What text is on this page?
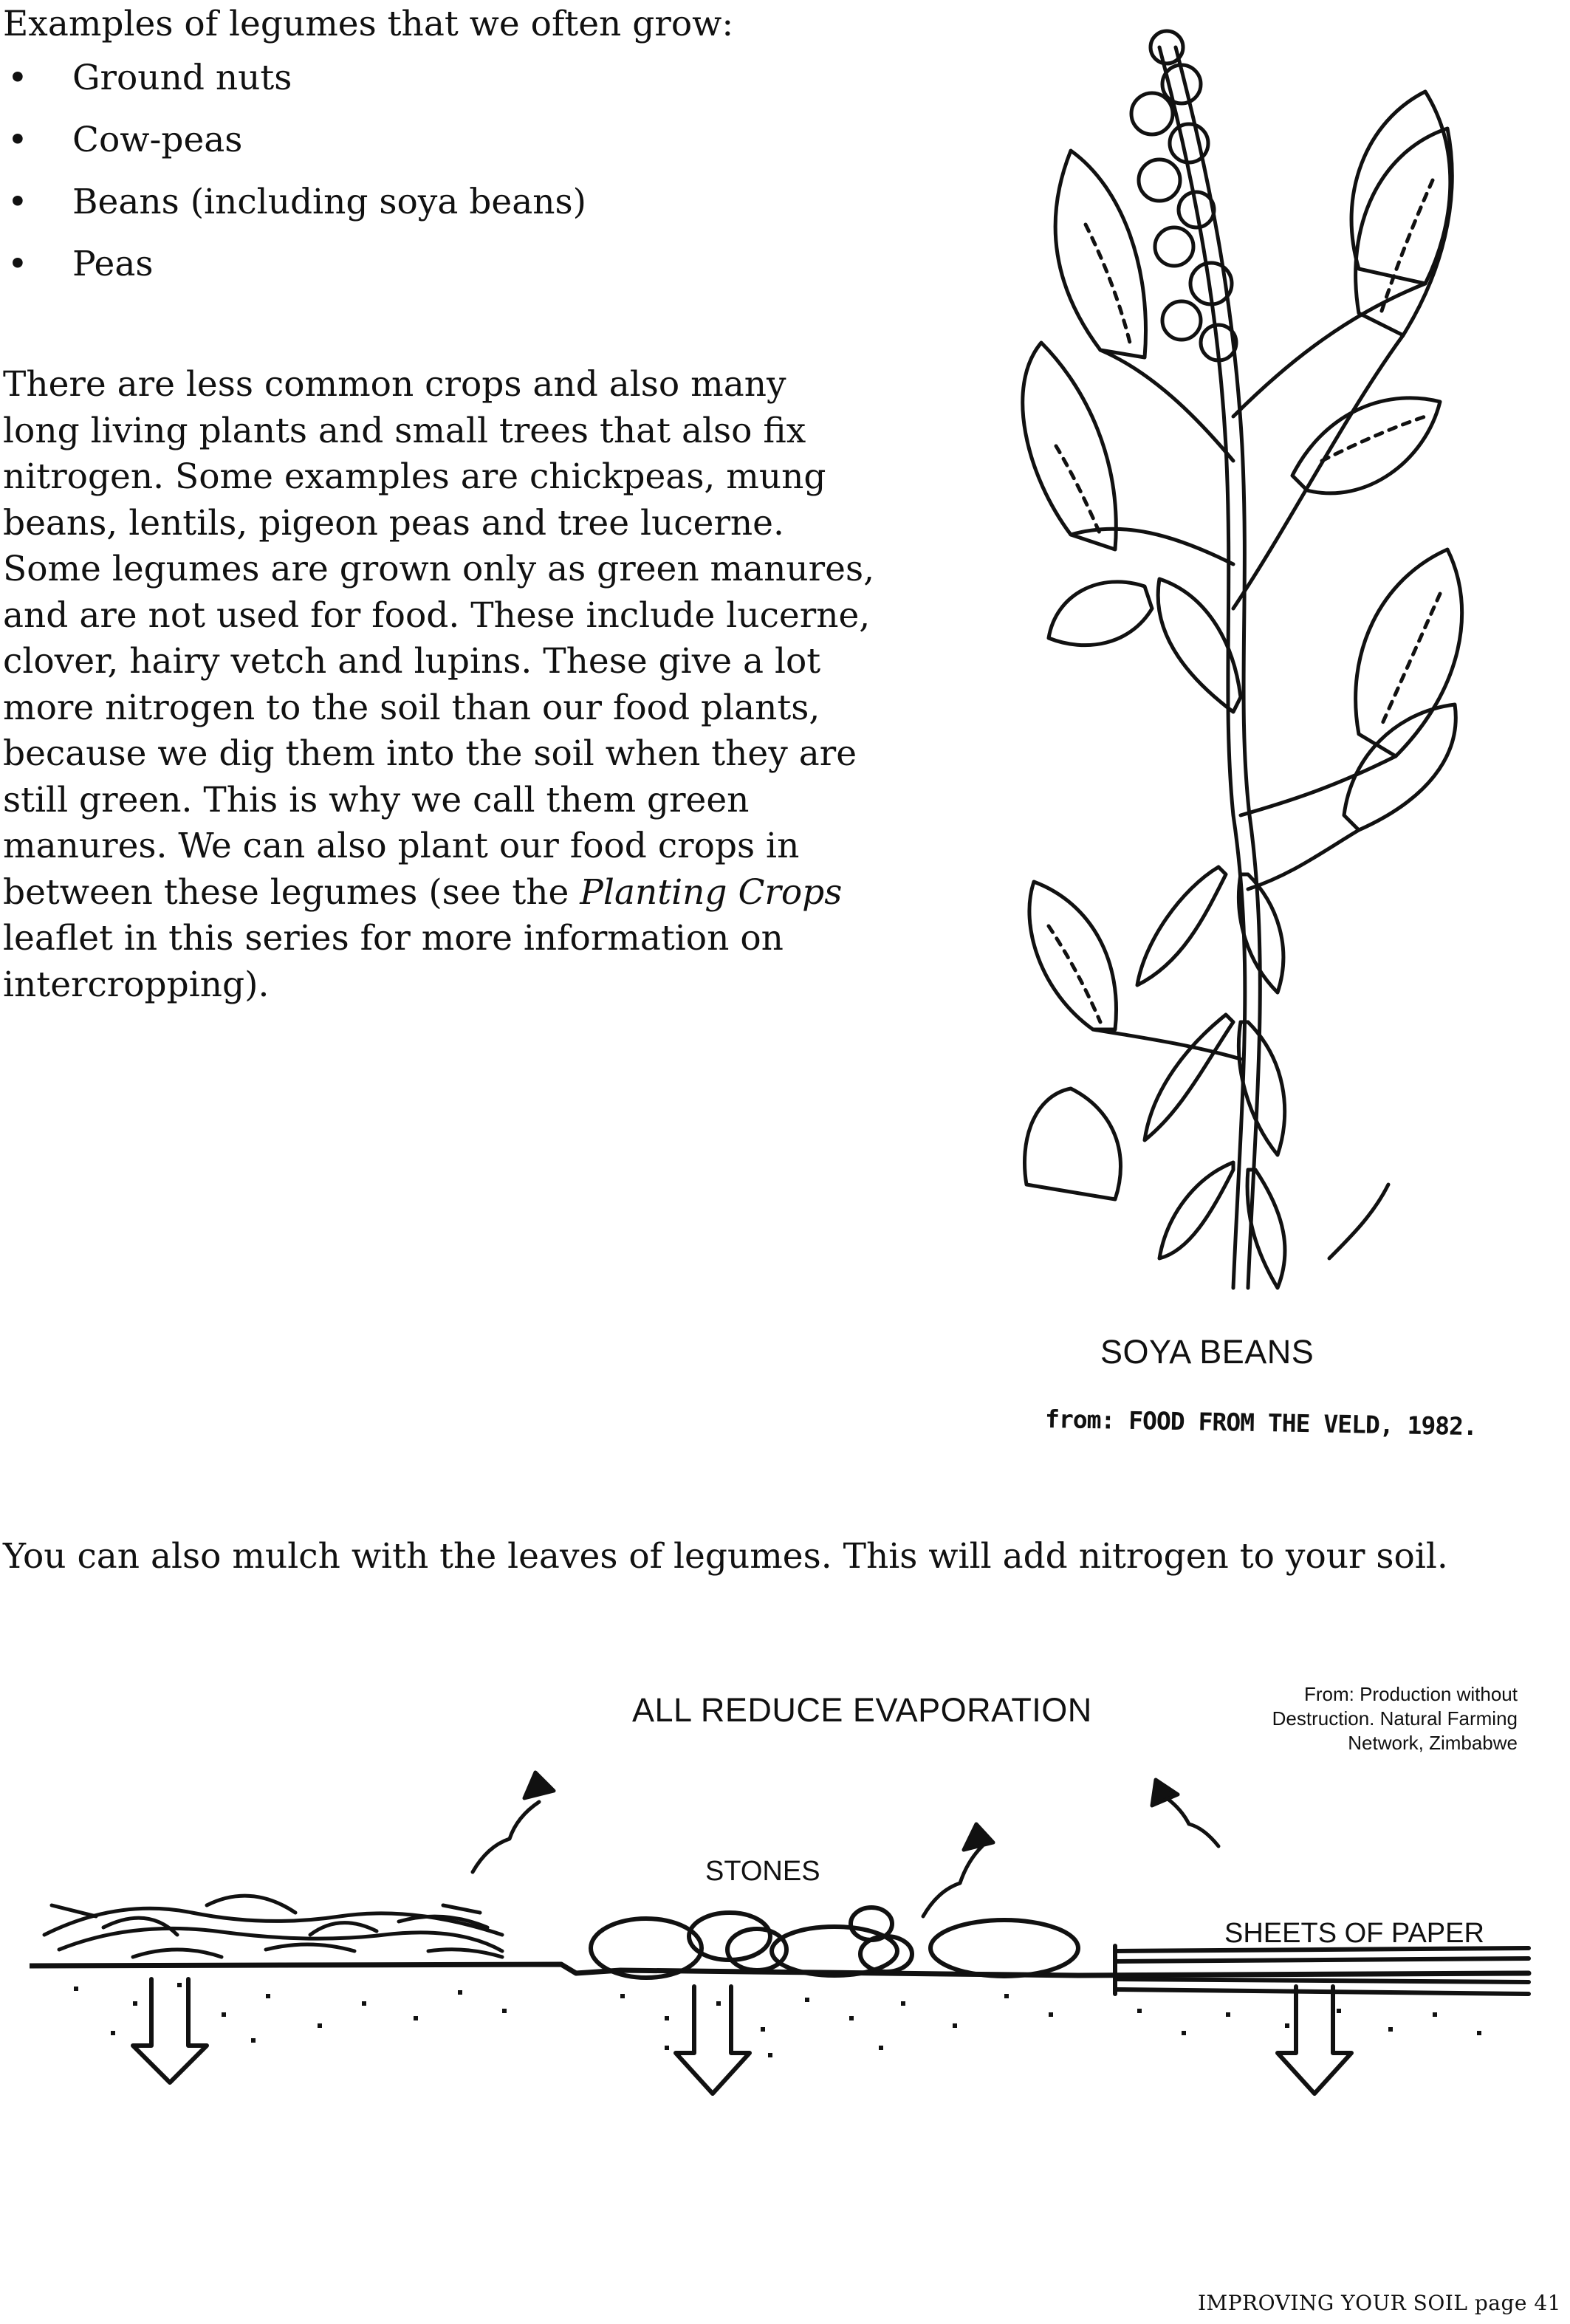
Examples of legumes that we often grow:
• Ground nuts
• Cow-peas
• Beans (including soya beans)
• Peas
There are less common crops and also many
long living plants and small trees that also fix
nitrogen. Some examples are chickpeas, mung
beans, lentils, pigeon peas and tree lucerne.
Some legumes are grown only as green manures,
and are not used for food. These include lucerne,
clover, hairy vetch and lupins. These give a lot
more nitrogen to the soil than our food plants,
because we dig them into the soil when they are
still green. This is why we call them green
manures. We can also plant our food crops in
between these legumes (see the Planting Crops
leaflet in this series for more information on
intercropping).
SOYA BEANS
from: FOOD FROM THE VELD, 1982.
You can also mulch with the leaves of legumes. This will add nitrogen to your soil.
ALL REDUCE EVAPORATION	From: Production without
Destruction. Natural Farming
Network, Zimbabwe
STONES
SHEETS OF PAPER
IMPROVING YOUR SOIL page 41
